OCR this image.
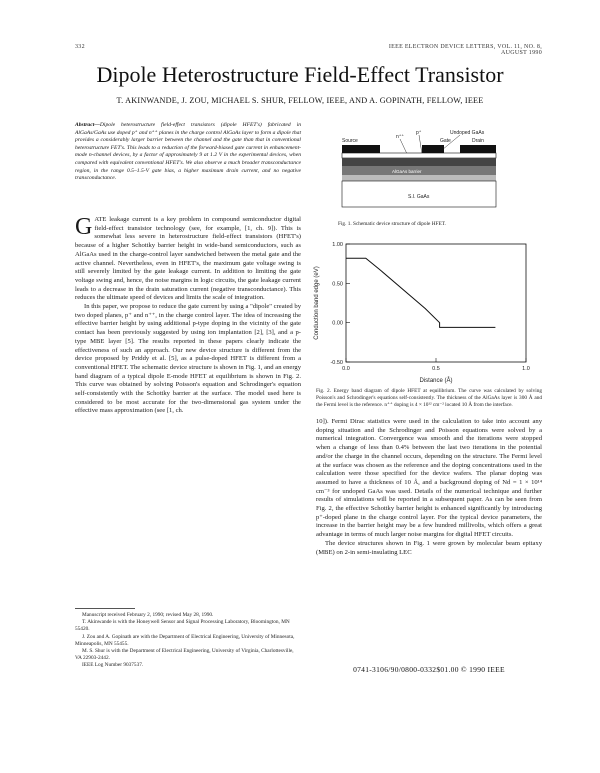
332	IEEE ELECTRON DEVICE LETTERS, VOL. 11, NO. 8, AUGUST 1990
Dipole Heterostructure Field-Effect Transistor
T. AKINWANDE, J. ZOU, MICHAEL S. SHUR, FELLOW, IEEE, AND A. GOPINATH, FELLOW, IEEE
Abstract—Dipole heterostructure field-effect transistors (dipole HFET's) fabricated in AlGaAs/GaAs use doped p⁺ and n⁺⁺ planes in the charge control AlGaAs layer to form a dipole that provides a considerably larger barrier between the channel and the gate than that in conventional heterostructure FET's. This leads to a reduction of the forward-biased gate current in enhancement-mode n-channel devices, by a factor of approximately 9 at 1.2 V in the experimental devices, when compared with equivalent conventional HFET's. We also observe a much broader transconductance region, in the range 0.5–1.5-V gate bias, a higher maximum drain current, and no negative transconductance.

GATE leakage current is a key problem in compound semiconductor digital field-effect transistor technology (see, for example, [1, ch. 9]). This is somewhat less severe in heterostructure field-effect transistors (HFET's) because of a higher Schottky barrier height in wide-band semiconductors, such as AlGaAs used in the charge-control layer sandwiched between the metal gate and the active channel. Nevertheless, even in HFET's, the maximum gate voltage swing is still severely limited by the gate leakage current. In addition to limiting the gate voltage swing and, hence, the noise margins in logic circuits, the gate leakage current leads to a decrease in the drain saturation current (negative transconductance). This reduces the ultimate speed of devices and limits the scale of integration.

In this paper, we propose to reduce the gate current by using a "dipole" created by two doped planes, p⁺ and n⁺⁺, in the charge control layer. The idea of increasing the effective barrier height by using additional p-type doping in the vicinity of the gate contact has been previously suggested by using ion implantation [2], [3], and a p-type MBE layer [5]. The results reported in these papers clearly indicate the effectiveness of such an approach. Our new device structure is different from the device proposed by Priddy et al. [5], as a pulse-doped HFET is different from a conventional HFET. The schematic device structure is shown in Fig. 1, and an energy band diagram of a typical dipole E-mode HFET at equilibrium is shown in Fig. 2. This curve was obtained by solving Poisson's equation and Schrodinger's equation self-consistently with the Schottky barrier at the surface. The model used here is considered to be most accurate for the two-dimensional gas system under the effective mass approximation (see [1, ch.

Manuscript received February 2, 1990; revised May 28, 1990.

T. Akinwande is with the Honeywell Sensor and Signal Processing Laboratory, Bloomington, MN 55420.

J. Zou and A. Gopinath are with the Department of Electrical Engineering, University of Minnesota, Minneapolis, MN 55455.

M. S. Shur is with the Department of Electrical Engineering, University of Virginia, Charlottesville, VA 22903-2442.

IEEE Log Number 9037537.

Source
n⁺⁺
p⁺	Undoped GaAs
Gate	Drain
AlGaAs barrier
S.I. GaAs
Fig. 1. Schematic device structure of dipole HFET.
-0.50
0.00
0.50
1.00
0.0	0.5	1.0
Distance (Å)
Conduction band edge (eV)
Fig. 2. Energy band diagram of dipole HFET at equilibrium. The curve was calculated by solving Poisson's and Schrodinger's equations self-consistently. The thickness of the AlGaAs layer is 300 Å and the Fermi level is the reference. n⁺⁺ doping is 4 × 10¹² cm⁻² located 10 Å from the interface.

10]). Fermi Dirac statistics were used in the calculation to take into account any doping situation and the Schrodinger and Poisson equations were solved by a numerical integration. Convergence was smooth and the iterations were stopped when a change of less than 0.4% between the last two iterations in the potential and/or the charge in the channel occurs, depending on the structure. The Fermi level at the surface was chosen as the reference and the doping concentrations used in the calculation were those specified for the device wafers. The planar doping was assumed to have a thickness of 10 Å, and a background doping of Nd = 1 × 10¹⁴ cm⁻³ for undoped GaAs was used. Details of the numerical technique and further results of simulations will be reported in a subsequent paper. As can be seen from Fig. 2, the effective Schottky barrier height is enhanced significantly by introducing p⁺-doped plane in the charge control layer. For the typical device parameters, the increase in the barrier height may be a few hundred millivolts, which offers a great advantage in terms of much larger noise margins for digital HFET circuits.

The device structures shown in Fig. 1 were grown by molecular beam epitaxy (MBE) on 2-in semi-insulating LEC

0741-3106/90/0800-0332$01.00 © 1990 IEEE
